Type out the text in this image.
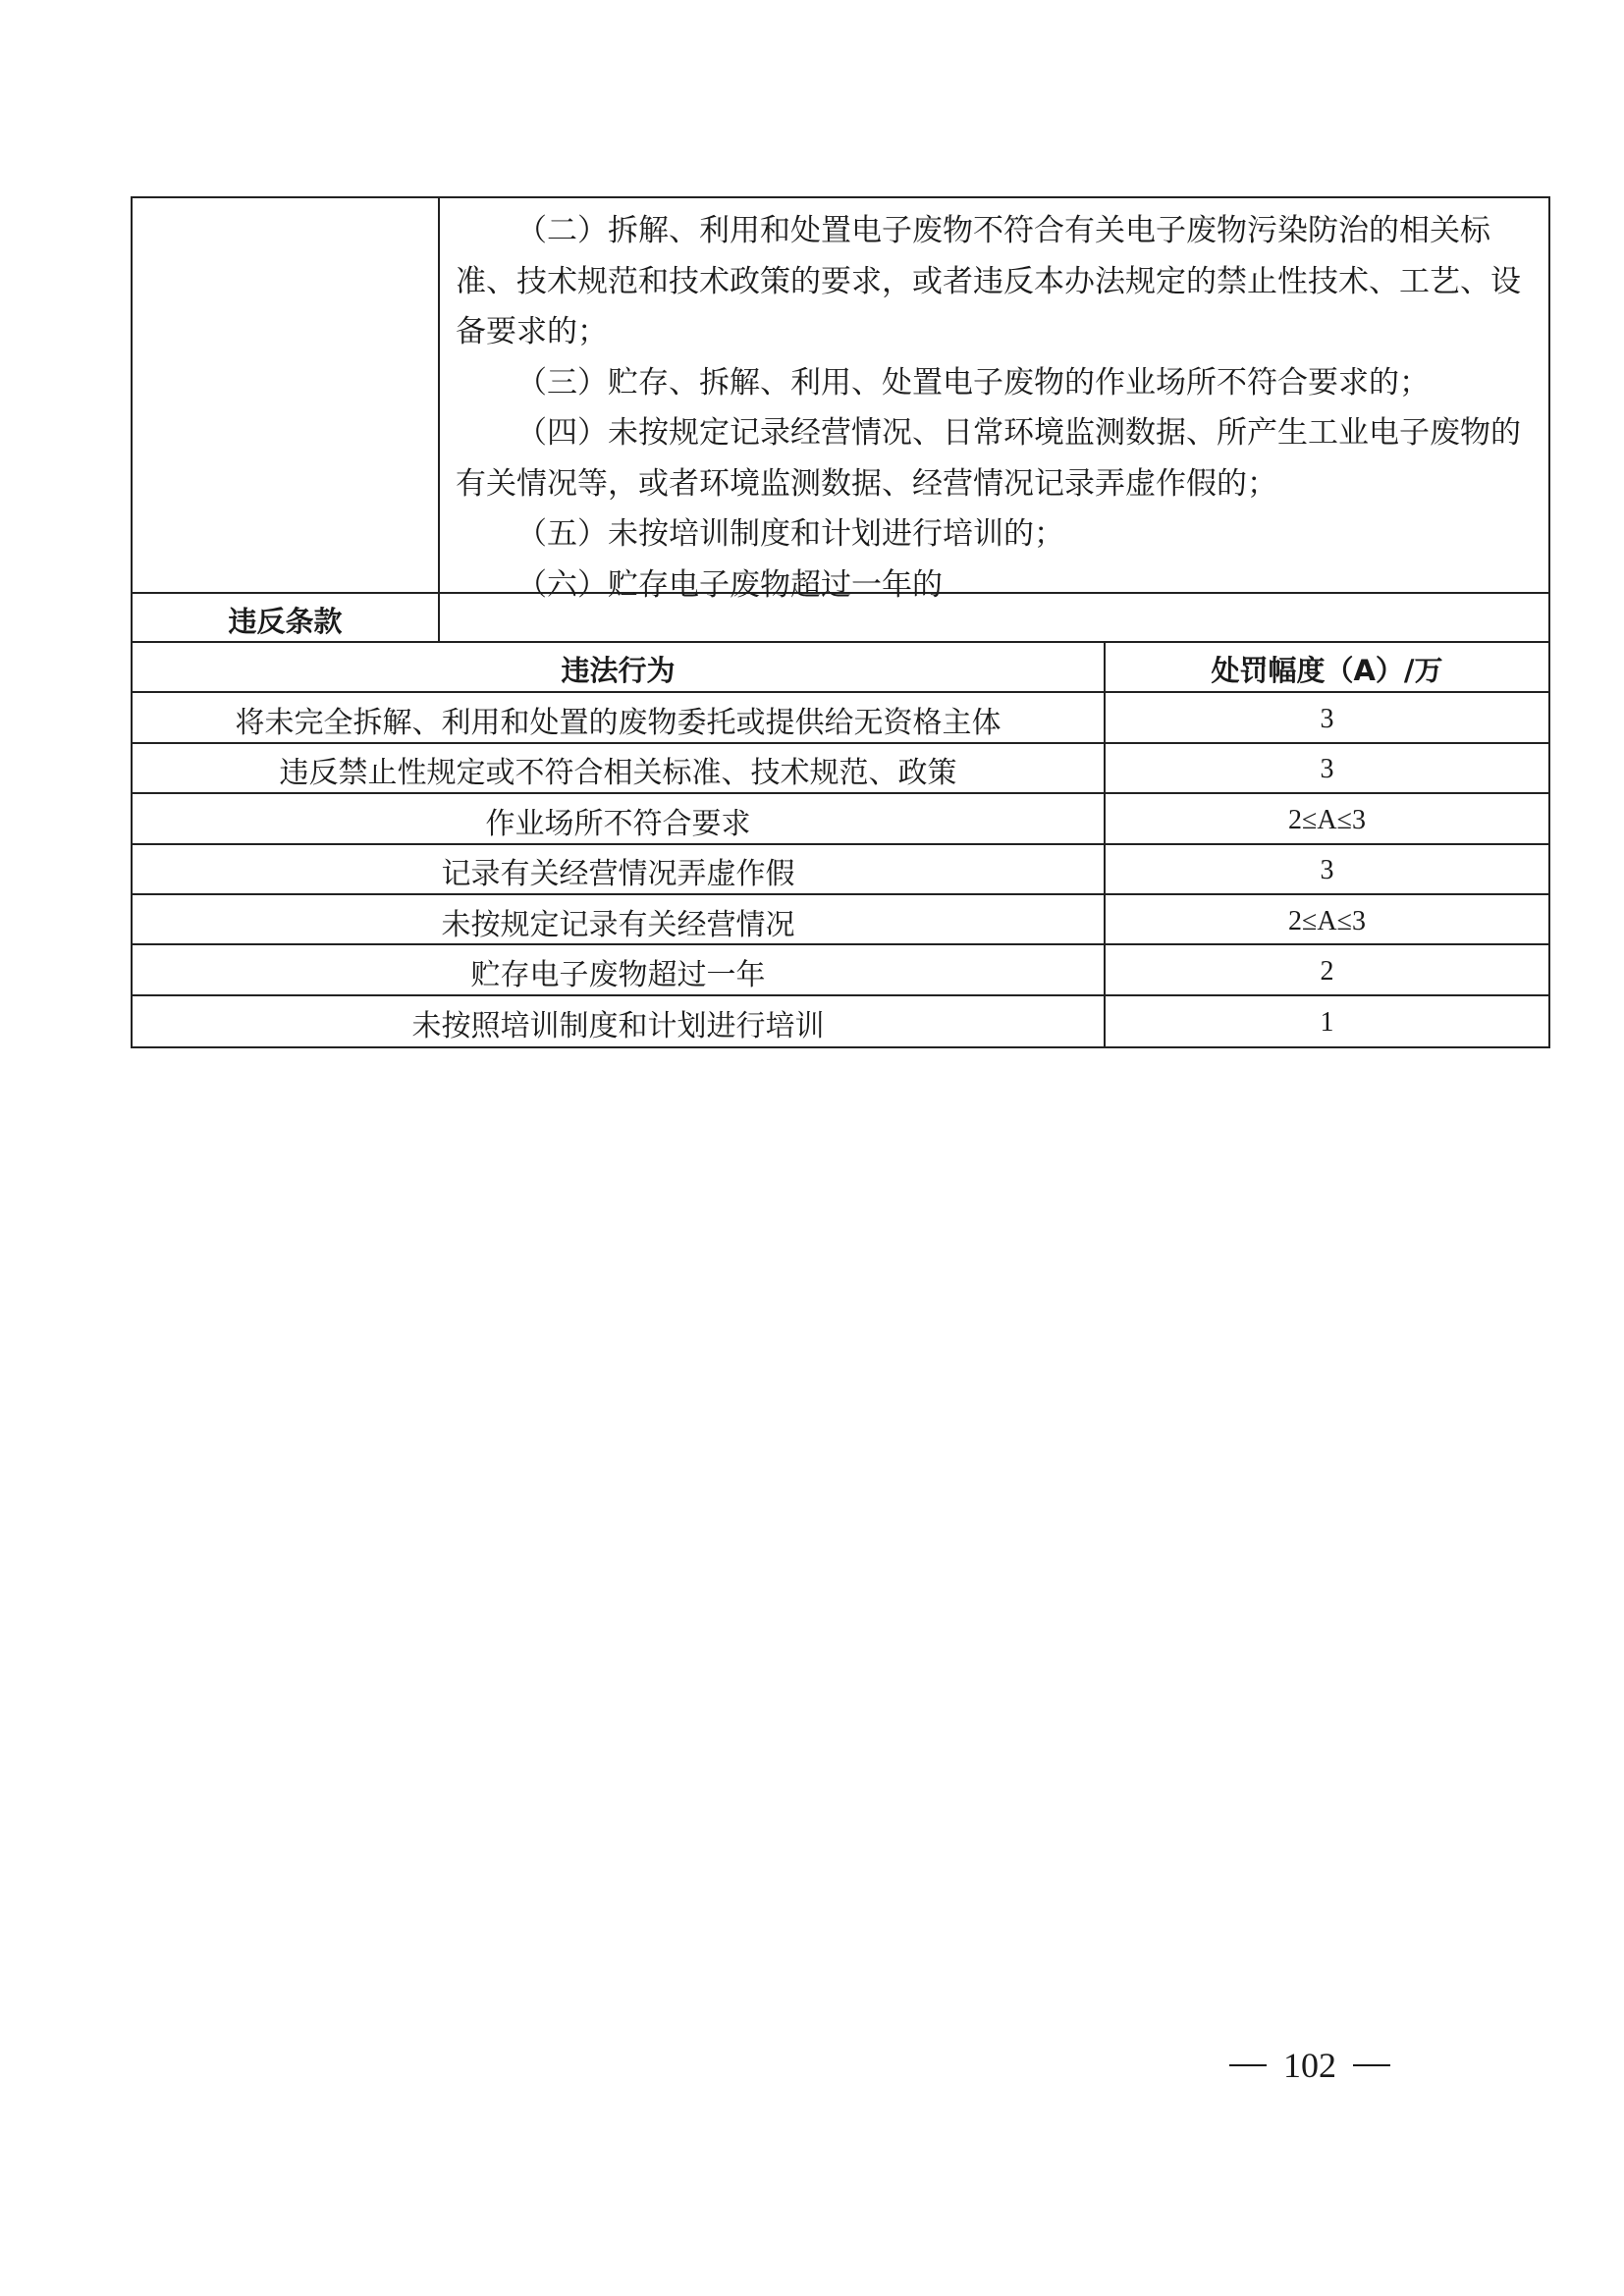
（二）拆解、利用和处置电子废物不符合有关电子废物污染防治的相关标准、技术规范和技术政策的要求，或者违反本办法规定的禁止性技术、工艺、设备要求的；

（三）贮存、拆解、利用、处置电子废物的作业场所不符合要求的；

（四）未按规定记录经营情况、日常环境监测数据、所产生工业电子废物的有关情况等，或者环境监测数据、经营情况记录弄虚作假的；

（五）未按培训制度和计划进行培训的；

（六）贮存电子废物超过一年的

违反条款
违法行为	处罚幅度（A）/万
将未完全拆解、利用和处置的废物委托或提供给无资格主体	3
违反禁止性规定或不符合相关标准、技术规范、政策	3
作业场所不符合要求	2≤A≤3
记录有关经营情况弄虚作假	3
未按规定记录有关经营情况	2≤A≤3
贮存电子废物超过一年	2
未按照培训制度和计划进行培训	1
102
